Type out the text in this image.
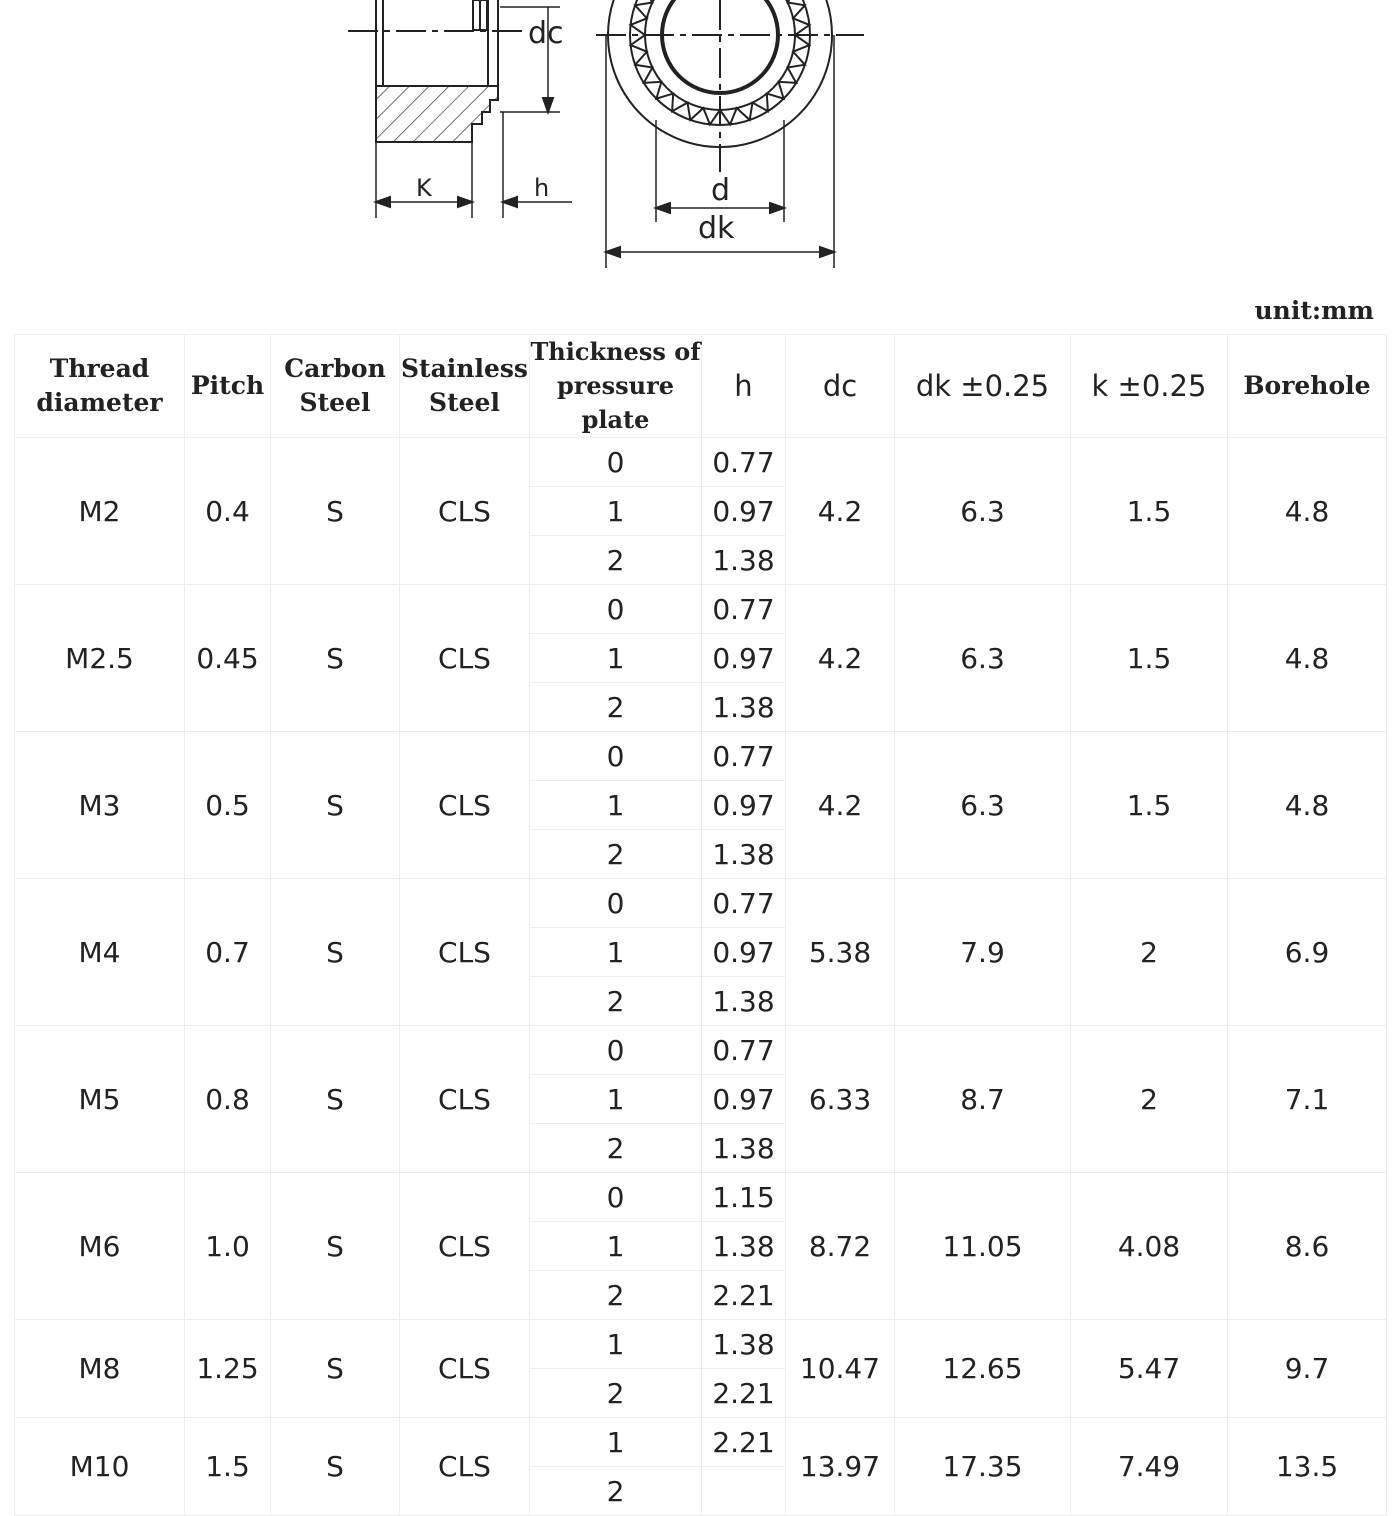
dc
d
dk
K	h
unit:mm
Thread diameter	Pitch	Carbon Steel	Stainless Steel	Thickness of pressure plate	h	dc	dk ±0.25	k ±0.25	Borehole
M2	0.4	S	CLS	0	0.77	4.2	6.3	1.5	4.8
				1	0.97				
				2	1.38				
M2.5	0.45	S	CLS	0	0.77	4.2	6.3	1.5	4.8
				1	0.97				
				2	1.38				
M3	0.5	S	CLS	0	0.77	4.2	6.3	1.5	4.8
				1	0.97				
				2	1.38				
M4	0.7	S	CLS	0	0.77	5.38	7.9	2	6.9
				1	0.97				
				2	1.38				
M5	0.8	S	CLS	0	0.77	6.33	8.7	2	7.1
				1	0.97				
				2	1.38				
M6	1.0	S	CLS	0	1.15	8.72	11.05	4.08	8.6
				1	1.38				
				2	2.21				
M8	1.25	S	CLS	1	1.38	10.47	12.65	5.47	9.7
				2	2.21				
M10	1.5	S	CLS	1	2.21	13.97	17.35	7.49	13.5
				2					
